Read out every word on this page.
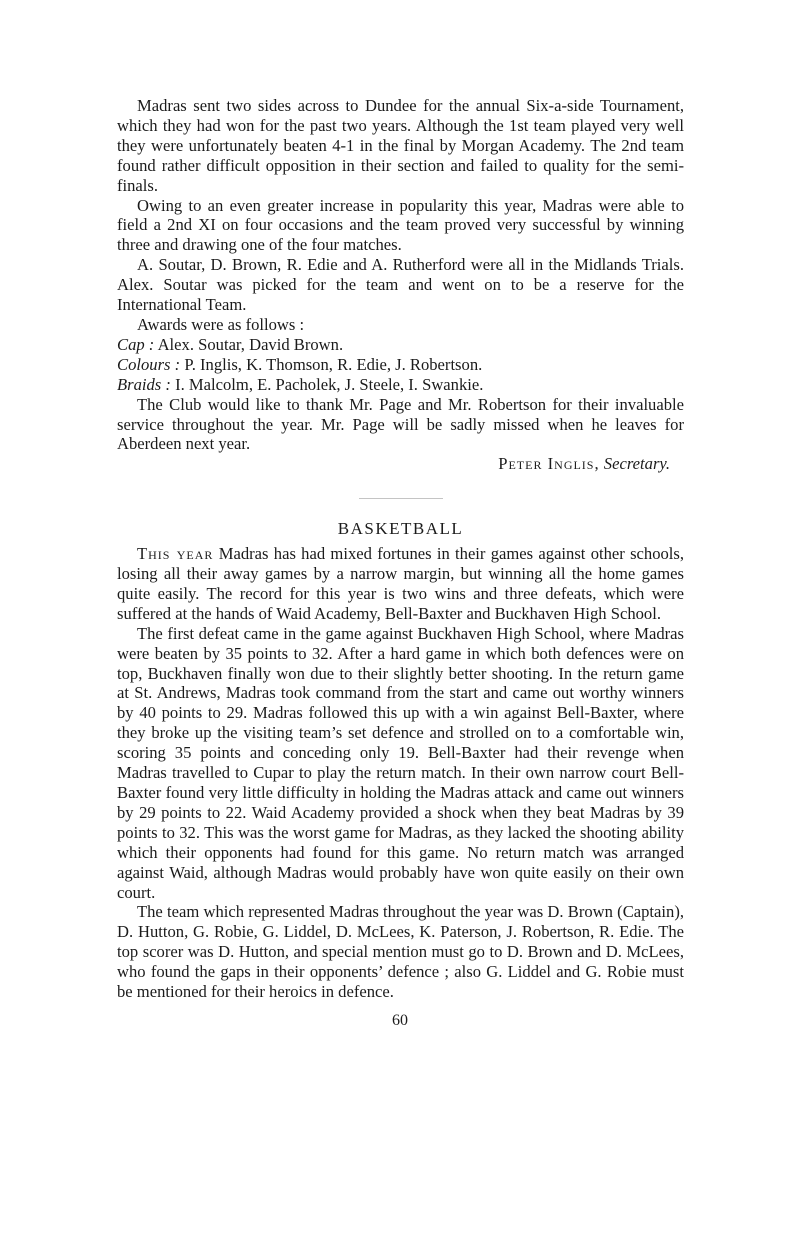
Madras sent two sides across to Dundee for the annual Six-a-side Tournament, which they had won for the past two years. Although the 1st team played very well they were unfortunately beaten 4-1 in the final by Morgan Academy. The 2nd team found rather difficult opposition in their section and failed to quality for the semi-finals.

Owing to an even greater increase in popularity this year, Madras were able to field a 2nd XI on four occasions and the team proved very successful by winning three and drawing one of the four matches.

A. Soutar, D. Brown, R. Edie and A. Rutherford were all in the Midlands Trials. Alex. Soutar was picked for the team and went on to be a reserve for the International Team.

Awards were as follows :

Cap : Alex. Soutar, David Brown.
Colours : P. Inglis, K. Thomson, R. Edie, J. Robertson.
Braids : I. Malcolm, E. Pacholek, J. Steele, I. Swankie.

The Club would like to thank Mr. Page and Mr. Robertson for their invaluable service throughout the year. Mr. Page will be sadly missed when he leaves for Aberdeen next year.

Peter Inglis, Secretary.
BASKETBALL

This year Madras has had mixed fortunes in their games against other schools, losing all their away games by a narrow margin, but winning all the home games quite easily. The record for this year is two wins and three defeats, which were suffered at the hands of Waid Academy, Bell-Baxter and Buckhaven High School.

The first defeat came in the game against Buckhaven High School, where Madras were beaten by 35 points to 32. After a hard game in which both defences were on top, Buckhaven finally won due to their slightly better shooting. In the return game at St. Andrews, Madras took command from the start and came out worthy winners by 40 points to 29. Madras followed this up with a win against Bell-Baxter, where they broke up the visiting team’s set defence and strolled on to a comfortable win, scoring 35 points and conceding only 19. Bell-Baxter had their revenge when Madras travelled to Cupar to play the return match. In their own narrow court Bell-Baxter found very little difficulty in holding the Madras attack and came out winners by 29 points to 22. Waid Academy provided a shock when they beat Madras by 39 points to 32. This was the worst game for Madras, as they lacked the shooting ability which their opponents had found for this game. No return match was arranged against Waid, although Madras would probably have won quite easily on their own court.

The team which represented Madras throughout the year was D. Brown (Captain), D. Hutton, G. Robie, G. Liddel, D. McLees, K. Paterson, J. Robertson, R. Edie. The top scorer was D. Hutton, and special mention must go to D. Brown and D. McLees, who found the gaps in their opponents’ defence ; also G. Liddel and G. Robie must be mentioned for their heroics in defence.

60
